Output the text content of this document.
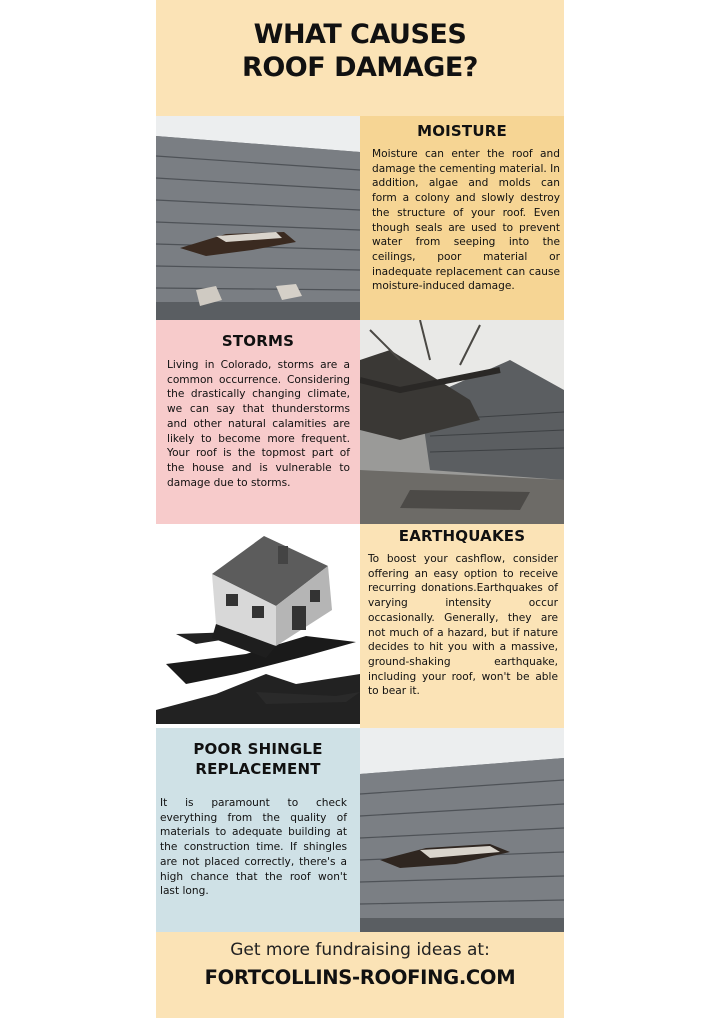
WHAT CAUSES
ROOF DAMAGE?

MOISTURE

Moisture can enter the roof and damage the cementing material. In addition, algae and molds can form a colony and slowly destroy the structure of your roof. Even though seals are used to prevent water from seeping into the ceilings, poor material or inadequate replacement can cause moisture-induced damage.

STORMS

Living in Colorado, storms are a common occurrence. Considering the drastically changing climate, we can say that thunderstorms and other natural calamities are likely to become more frequent. Your roof is the topmost part of the house and is vulnerable to damage due to storms.

EARTHQUAKES

To boost your cashflow, consider offering an easy option to receive recurring donations.Earthquakes of varying intensity occur occasionally. Generally, they are not much of a hazard, but if nature decides to hit you with a massive, ground-shaking earthquake, including your roof, won't be able to bear it.

POOR SHINGLE

REPLACEMENT

It is paramount to check everything from the quality of materials to adequate building at the construction time. If shingles are not placed correctly, there's a high chance that the roof won't last long.

Get more fundraising ideas at:
FORTCOLLINS-ROOFING.COM
